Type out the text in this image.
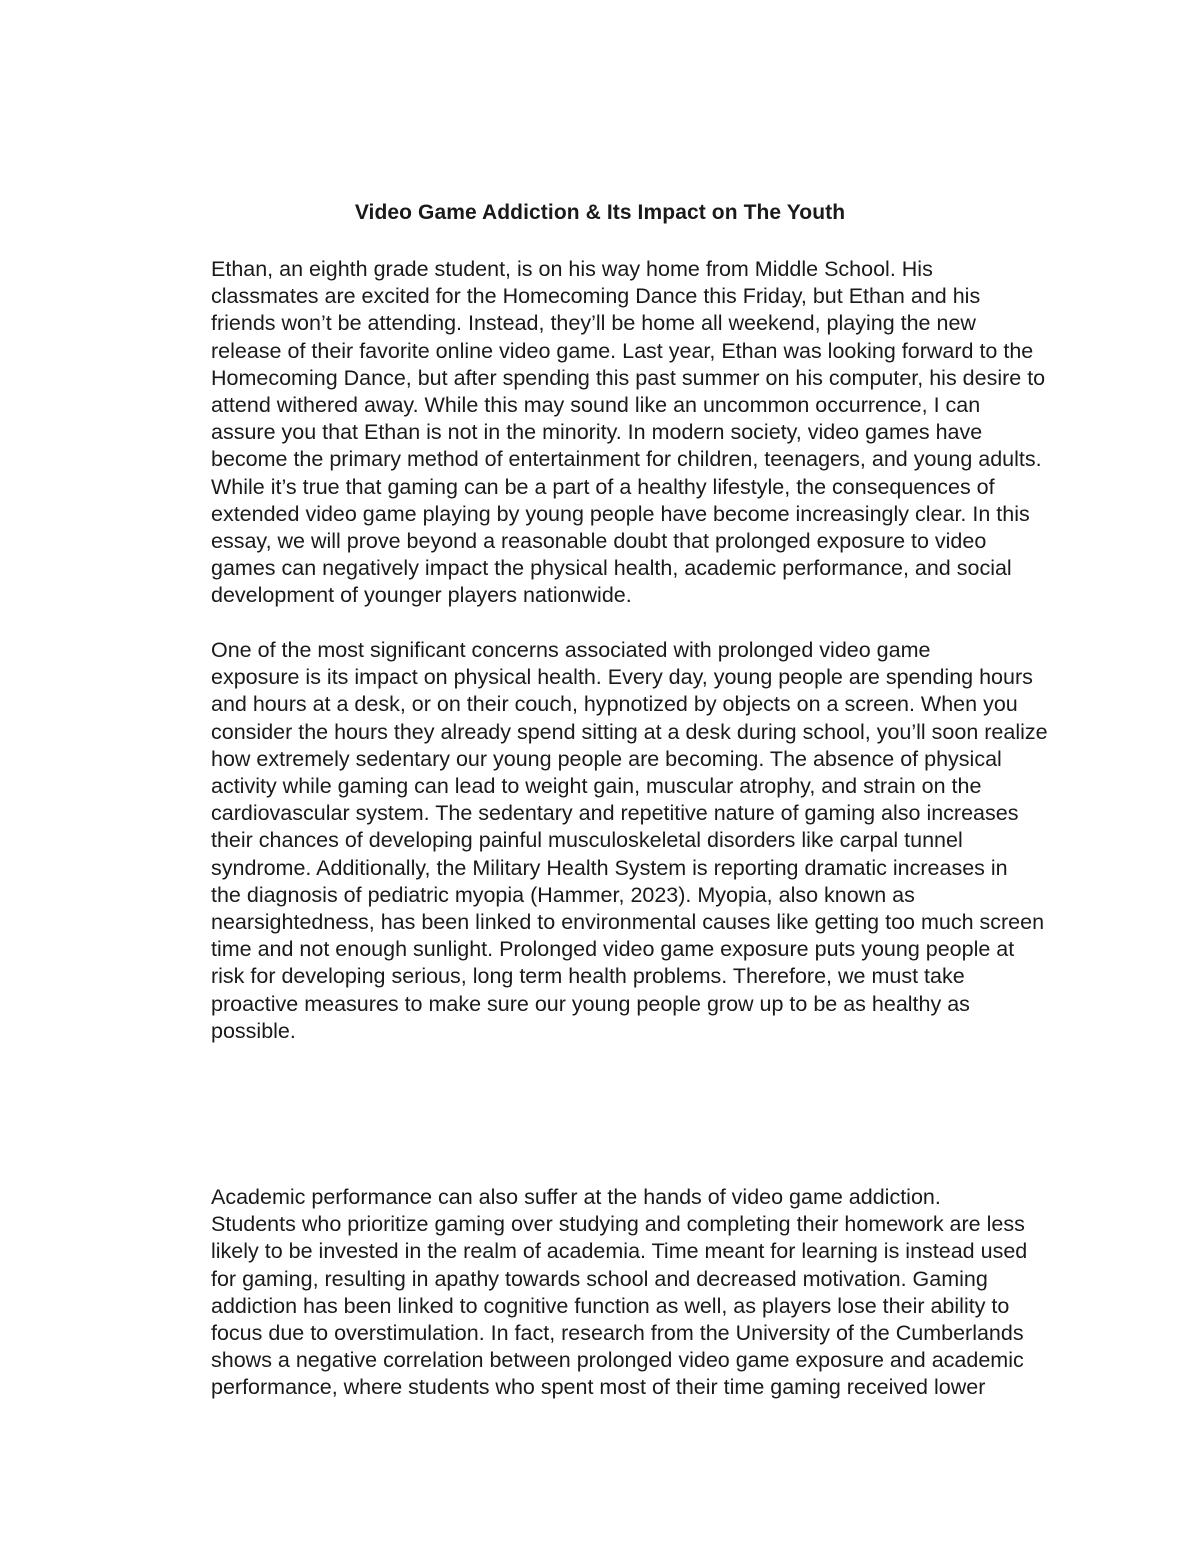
Video Game Addiction & Its Impact on The Youth

Ethan, an eighth grade student, is on his way home from Middle School. His
classmates are excited for the Homecoming Dance this Friday, but Ethan and his
friends won’t be attending. Instead, they’ll be home all weekend, playing the new
release of their favorite online video game. Last year, Ethan was looking forward to the
Homecoming Dance, but after spending this past summer on his computer, his desire to
attend withered away. While this may sound like an uncommon occurrence, I can
assure you that Ethan is not in the minority. In modern society, video games have
become the primary method of entertainment for children, teenagers, and young adults.
While it’s true that gaming can be a part of a healthy lifestyle, the consequences of
extended video game playing by young people have become increasingly clear. In this
essay, we will prove beyond a reasonable doubt that prolonged exposure to video
games can negatively impact the physical health, academic performance, and social
development of younger players nationwide.

One of the most significant concerns associated with prolonged video game
exposure is its impact on physical health. Every day, young people are spending hours
and hours at a desk, or on their couch, hypnotized by objects on a screen. When you
consider the hours they already spend sitting at a desk during school, you’ll soon realize
how extremely sedentary our young people are becoming. The absence of physical
activity while gaming can lead to weight gain, muscular atrophy, and strain on the
cardiovascular system. The sedentary and repetitive nature of gaming also increases
their chances of developing painful musculoskeletal disorders like carpal tunnel
syndrome. Additionally, the Military Health System is reporting dramatic increases in
the diagnosis of pediatric myopia (Hammer, 2023). Myopia, also known as
nearsightedness, has been linked to environmental causes like getting too much screen
time and not enough sunlight. Prolonged video game exposure puts young people at
risk for developing serious, long term health problems. Therefore, we must take
proactive measures to make sure our young people grow up to be as healthy as
possible.

Academic performance can also suffer at the hands of video game addiction.
Students who prioritize gaming over studying and completing their homework are less
likely to be invested in the realm of academia. Time meant for learning is instead used
for gaming, resulting in apathy towards school and decreased motivation. Gaming
addiction has been linked to cognitive function as well, as players lose their ability to
focus due to overstimulation. In fact, research from the University of the Cumberlands
shows a negative correlation between prolonged video game exposure and academic
performance, where students who spent most of their time gaming received lower
